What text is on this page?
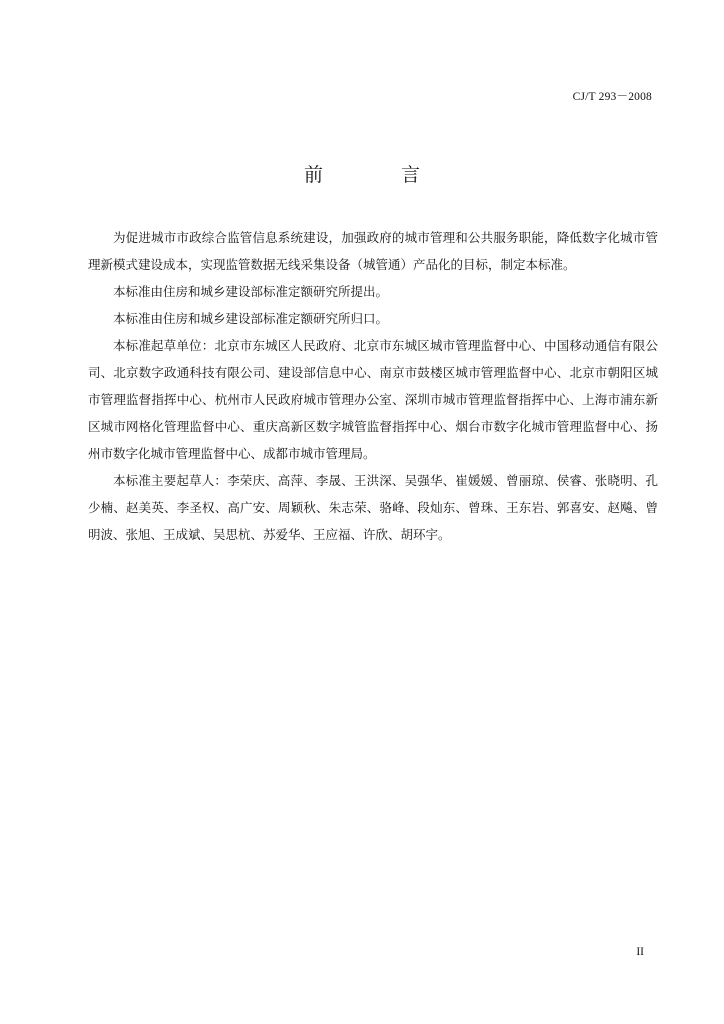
CJ/T 293－2008
前 言

为促进城市市政综合监管信息系统建设，加强政府的城市管理和公共服务职能，降低数字化城市管理新模式建设成本，实现监管数据无线采集设备（城管通）产品化的目标，制定本标准。

本标准由住房和城乡建设部标准定额研究所提出。

本标准由住房和城乡建设部标准定额研究所归口。

本标准起草单位：北京市东城区人民政府、北京市东城区城市管理监督中心、中国移动通信有限公司、北京数字政通科技有限公司、建设部信息中心、南京市鼓楼区城市管理监督中心、北京市朝阳区城市管理监督指挥中心、杭州市人民政府城市管理办公室、深圳市城市管理监督指挥中心、上海市浦东新区城市网格化管理监督中心、重庆高新区数字城管监督指挥中心、烟台市数字化城市管理监督中心、扬州市数字化城市管理监督中心、成都市城市管理局。

本标准主要起草人：李荣庆、高萍、李晟、王洪深、吴强华、崔媛媛、曾丽琼、侯睿、张晓明、孔少楠、赵美英、李圣权、高广安、周颖秋、朱志荣、骆峰、段灿东、曾珠、王东岩、郭喜安、赵飚、曾明波、张旭、王成斌、吴思杭、苏爱华、王应福、许欣、胡环宇。

II
